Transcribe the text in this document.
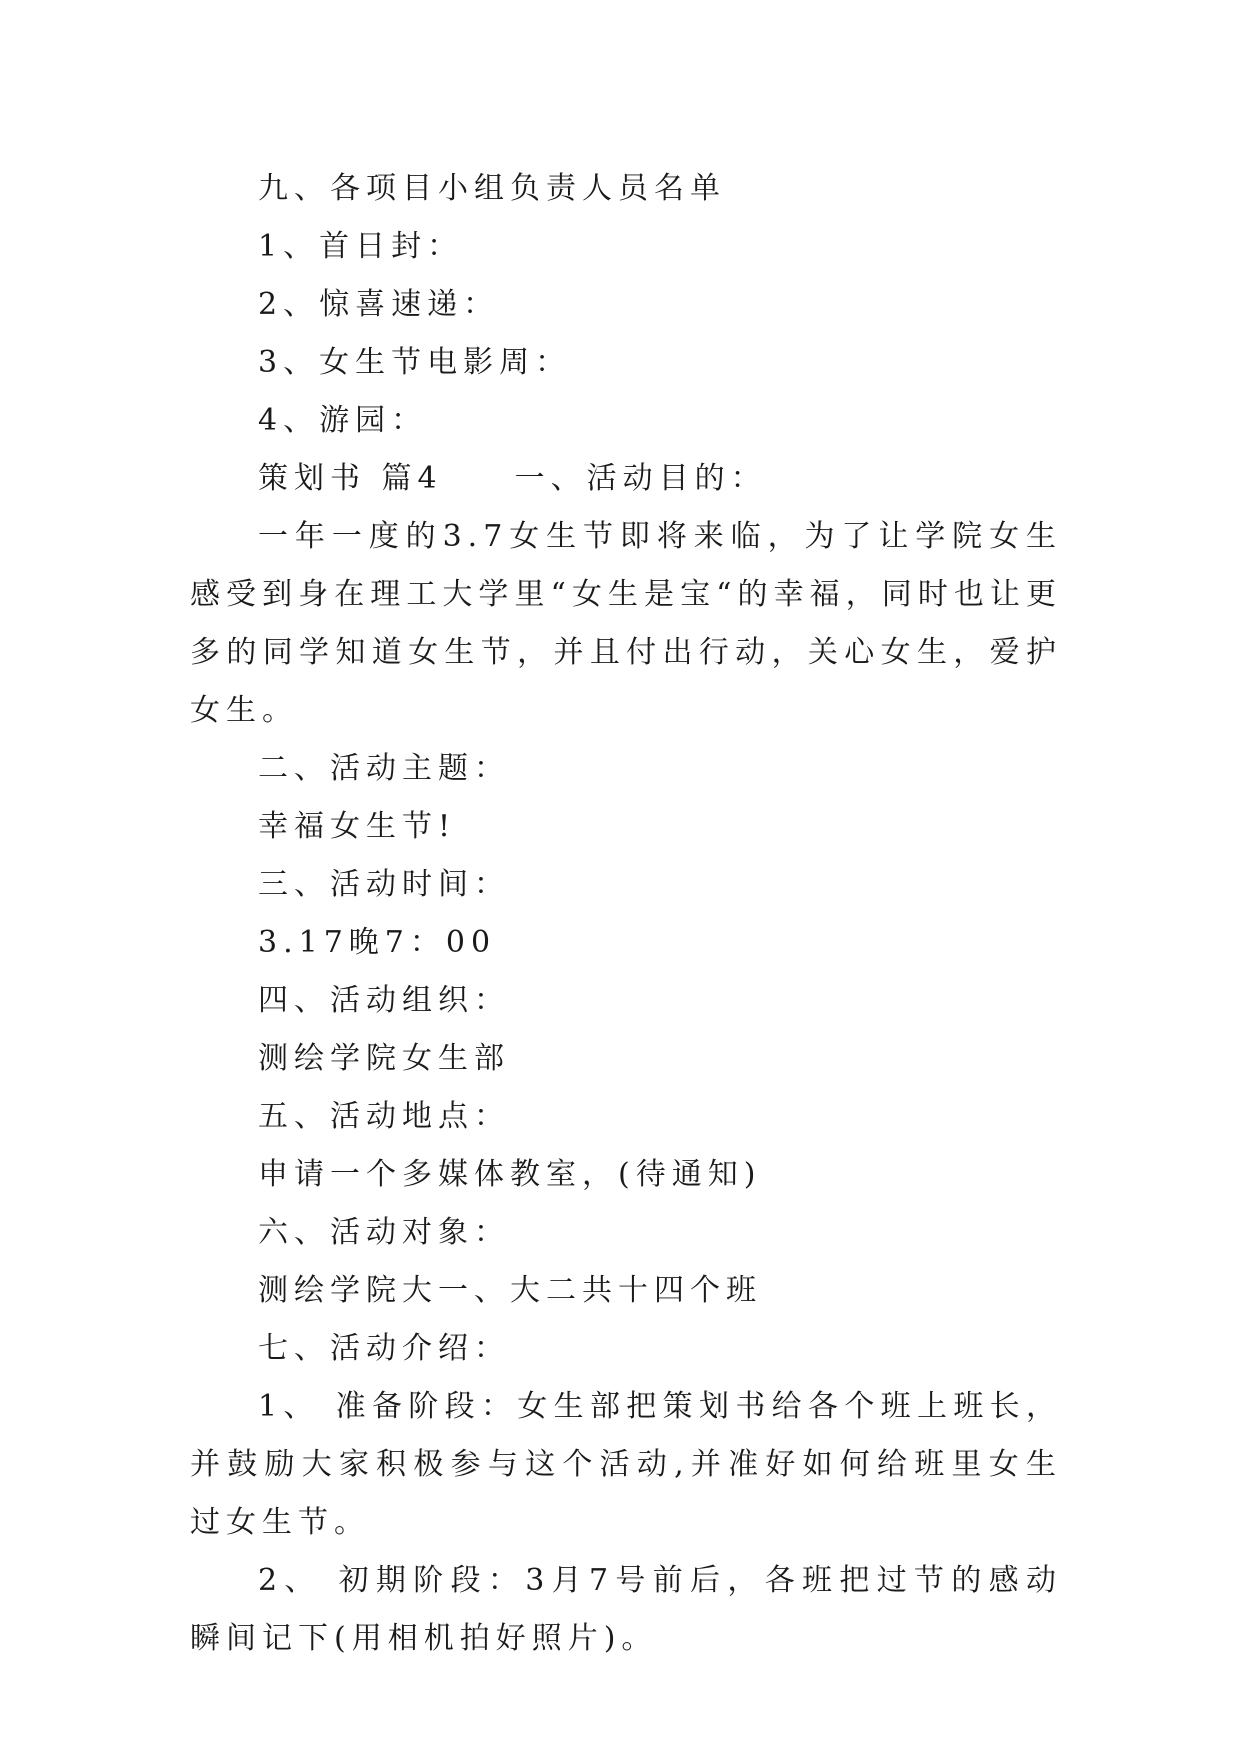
九、各项目小组负责人员名单

1、首日封：

2、惊喜速递：

3、女生节电影周：

4、游园：

策划书 篇4　　一、活动目的：

一年一度的3.7女生节即将来临，为了让学院女生感受到身在理工大学里“女生是宝“的幸福，同时也让更多的同学知道女生节，并且付出行动，关心女生，爱护女生。

二、活动主题：

幸福女生节!

三、活动时间：

3.17晚7：00

四、活动组织：

测绘学院女生部

五、活动地点：

申请一个多媒体教室，(待通知)

六、活动对象：

测绘学院大一、大二共十四个班

七、活动介绍：

1、 准备阶段：女生部把策划书给各个班上班长，并鼓励大家积极参与这个活动,并准好如何给班里女生过女生节。

2、 初期阶段：3月7号前后，各班把过节的感动瞬间记下(用相机拍好照片)。
